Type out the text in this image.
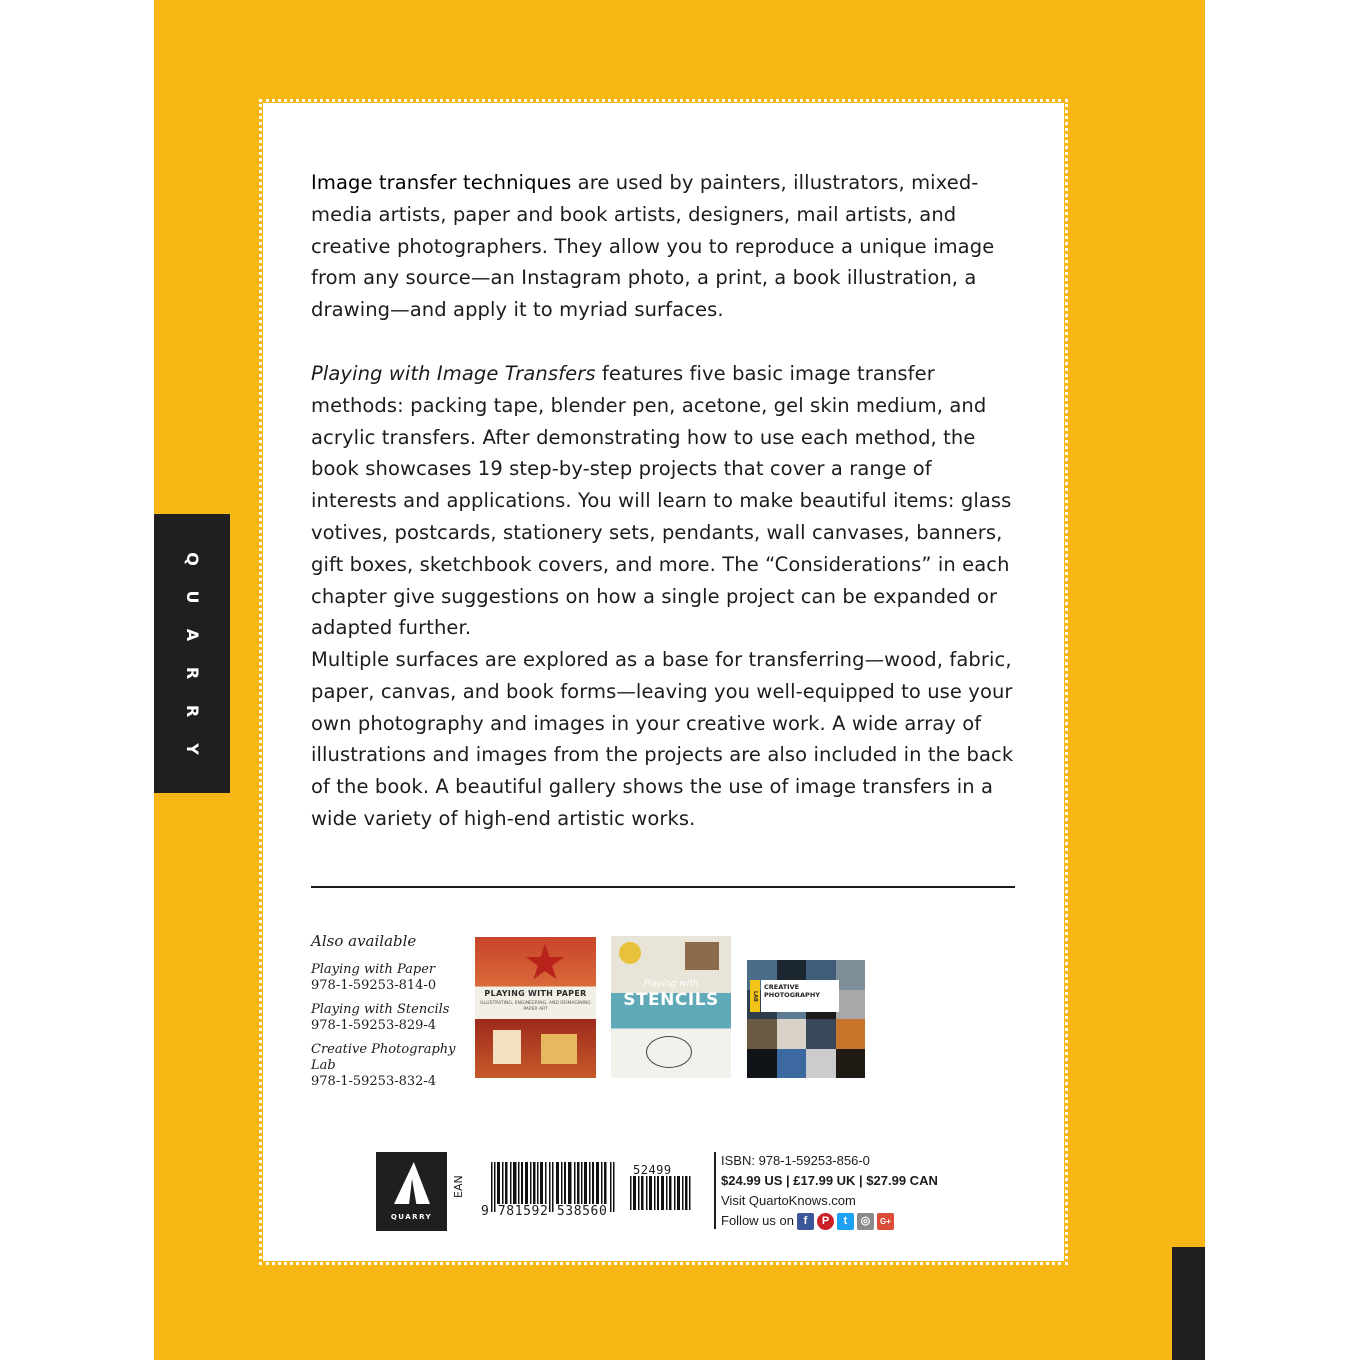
Q
U
A
R
R
Y

Image transfer techniques are used by painters, illustrators, mixed-media artists, paper and book artists, designers, mail artists, and creative photographers. They allow you to reproduce a unique image from any source—an Instagram photo, a print, a book illustration, a drawing—and apply it to myriad surfaces.

Playing with Image Transfers features five basic image transfer methods: packing tape, blender pen, acetone, gel skin medium, and acrylic transfers. After demonstrating how to use each method, the book showcases 19 step-by-step projects that cover a range of interests and applications. You will learn to make beautiful items: glass votives, postcards, stationery sets, pendants, wall canvases, banners, gift boxes, sketchbook covers, and more. The “Considerations” in each chapter give suggestions on how a single project can be expanded or adapted further.

Multiple surfaces are explored as a base for transferring—wood, fabric, paper, canvas, and book forms—leaving you well-equipped to use your own photography and images in your creative work. A wide array of illustrations and images from the projects are also included in the back of the book. A beautiful gallery shows the use of image transfers in a wide variety of high-end artistic works.

Also available
Playing with Paper
978-1-59253-814-0
Playing with Stencils
978-1-59253-829-4
Creative Photography Lab
978-1-59253-832-4
PLAYING WITH PAPER
ILLUSTRATING, ENGINEERING, AND REIMAGINING PAPER ART
Playing with
STENCILS	LAB
CREATIVE
PHOTOGRAPHY
QUARRY
EAN
9 781592 538560
52499
ISBN: 978-1-59253-856-0
$24.99 US | £17.99 UK | $27.99 CAN
Visit QuartoKnows.com
Follow us on f	P	t	◎	G+
